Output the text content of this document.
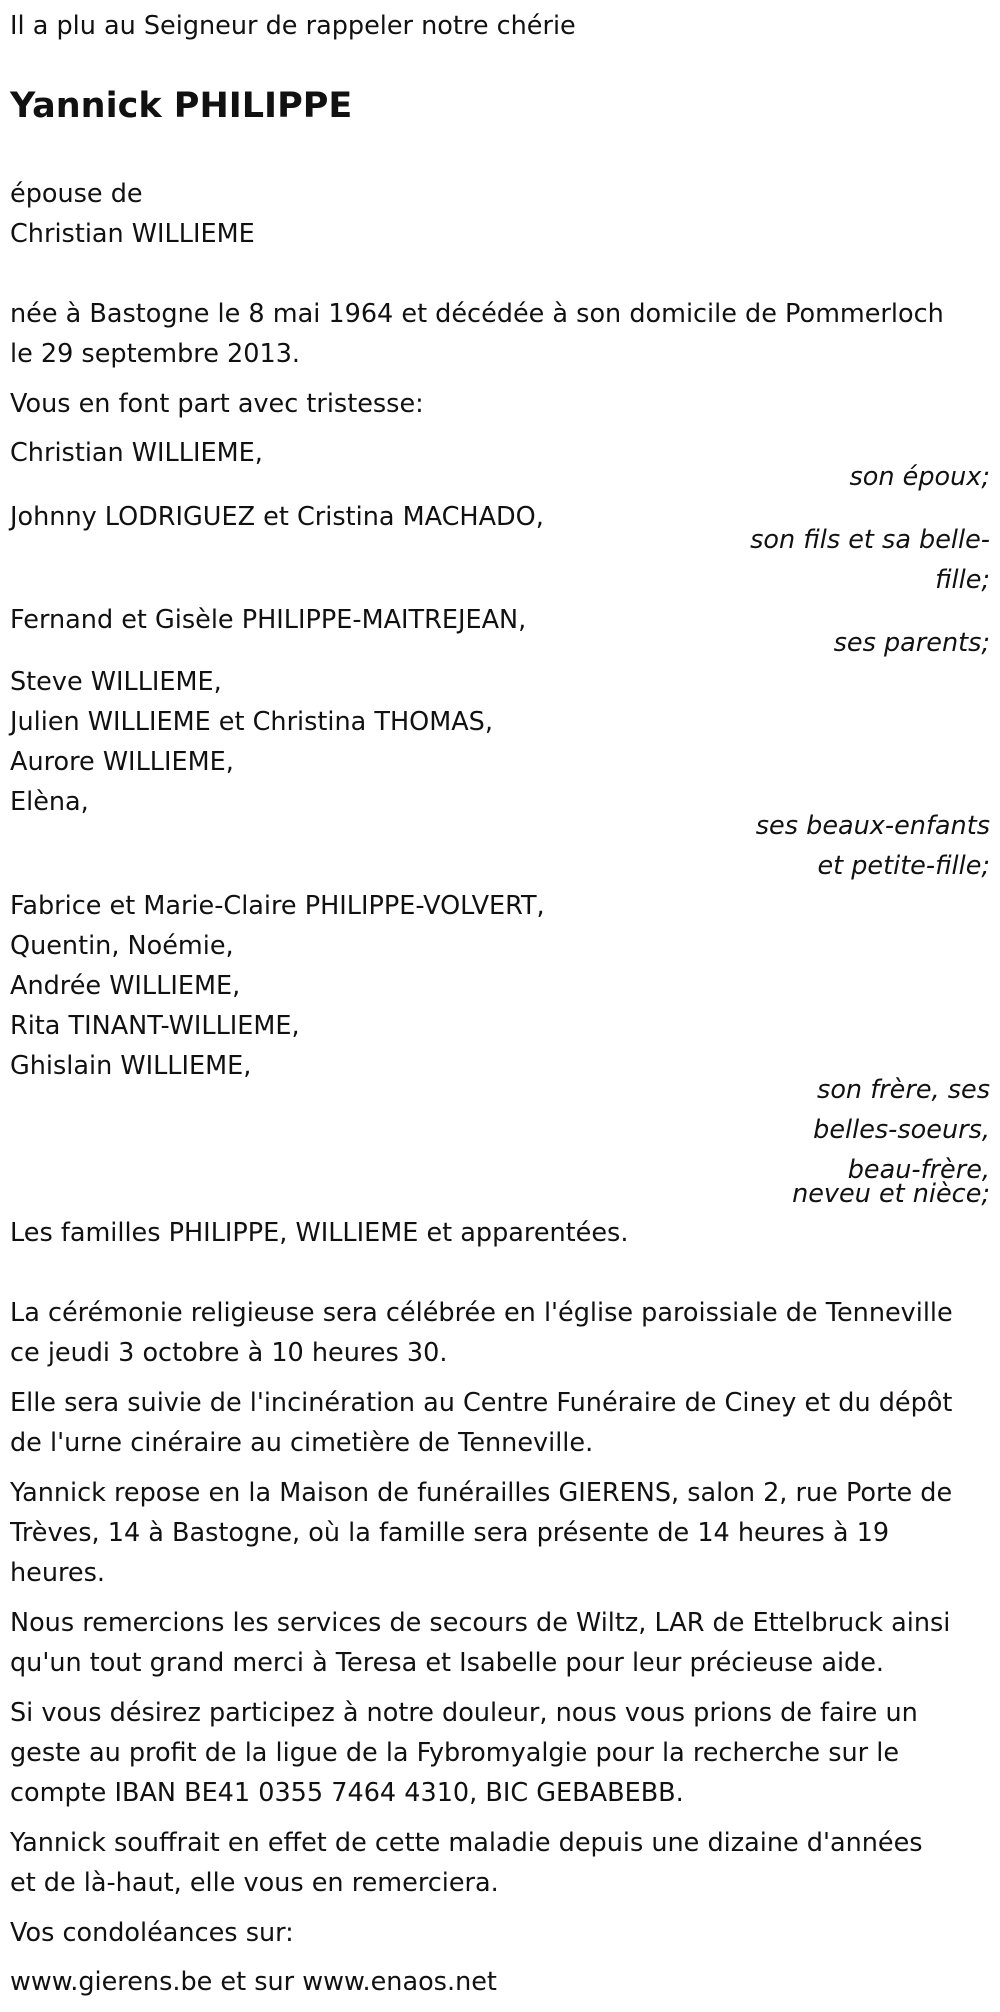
Il a plu au Seigneur de rappeler notre chérie

Yannick PHILIPPE

épouse de

Christian WILLIEME

née à Bastogne le 8 mai 1964 et décédée à son domicile de Pommerloch

le 29 septembre 2013.

Vous en font part avec tristesse:

Christian WILLIEME,

son époux;

Johnny LODRIGUEZ et Cristina MACHADO,

son fils et sa belle-

fille;

Fernand et Gisèle PHILIPPE-MAITREJEAN,

ses parents;

Steve WILLIEME,

Julien WILLIEME et Christina THOMAS,

Aurore WILLIEME,

Elèna,

ses beaux-enfants

et petite-fille;

Fabrice et Marie-Claire PHILIPPE-VOLVERT,

Quentin, Noémie,

Andrée WILLIEME,

Rita TINANT-WILLIEME,

Ghislain WILLIEME,

son frère, ses

belles-soeurs,

beau-frère,

neveu et nièce;

Les familles PHILIPPE, WILLIEME et apparentées.

La cérémonie religieuse sera célébrée en l'église paroissiale de Tenneville

ce jeudi 3 octobre à 10 heures 30.

Elle sera suivie de l'incinération au Centre Funéraire de Ciney et du dépôt

de l'urne cinéraire au cimetière de Tenneville.

Yannick repose en la Maison de funérailles GIERENS, salon 2, rue Porte de

Trèves, 14 à Bastogne, où la famille sera présente de 14 heures à 19

heures.

Nous remercions les services de secours de Wiltz, LAR de Ettelbruck ainsi

qu'un tout grand merci à Teresa et Isabelle pour leur précieuse aide.

Si vous désirez participez à notre douleur, nous vous prions de faire un

geste au profit de la ligue de la Fybromyalgie pour la recherche sur le

compte IBAN BE41 0355 7464 4310, BIC GEBABEBB.

Yannick souffrait en effet de cette maladie depuis une dizaine d'années

et de là-haut, elle vous en remerciera.

Vos condoléances sur:

www.gierens.be et sur www.enaos.net
